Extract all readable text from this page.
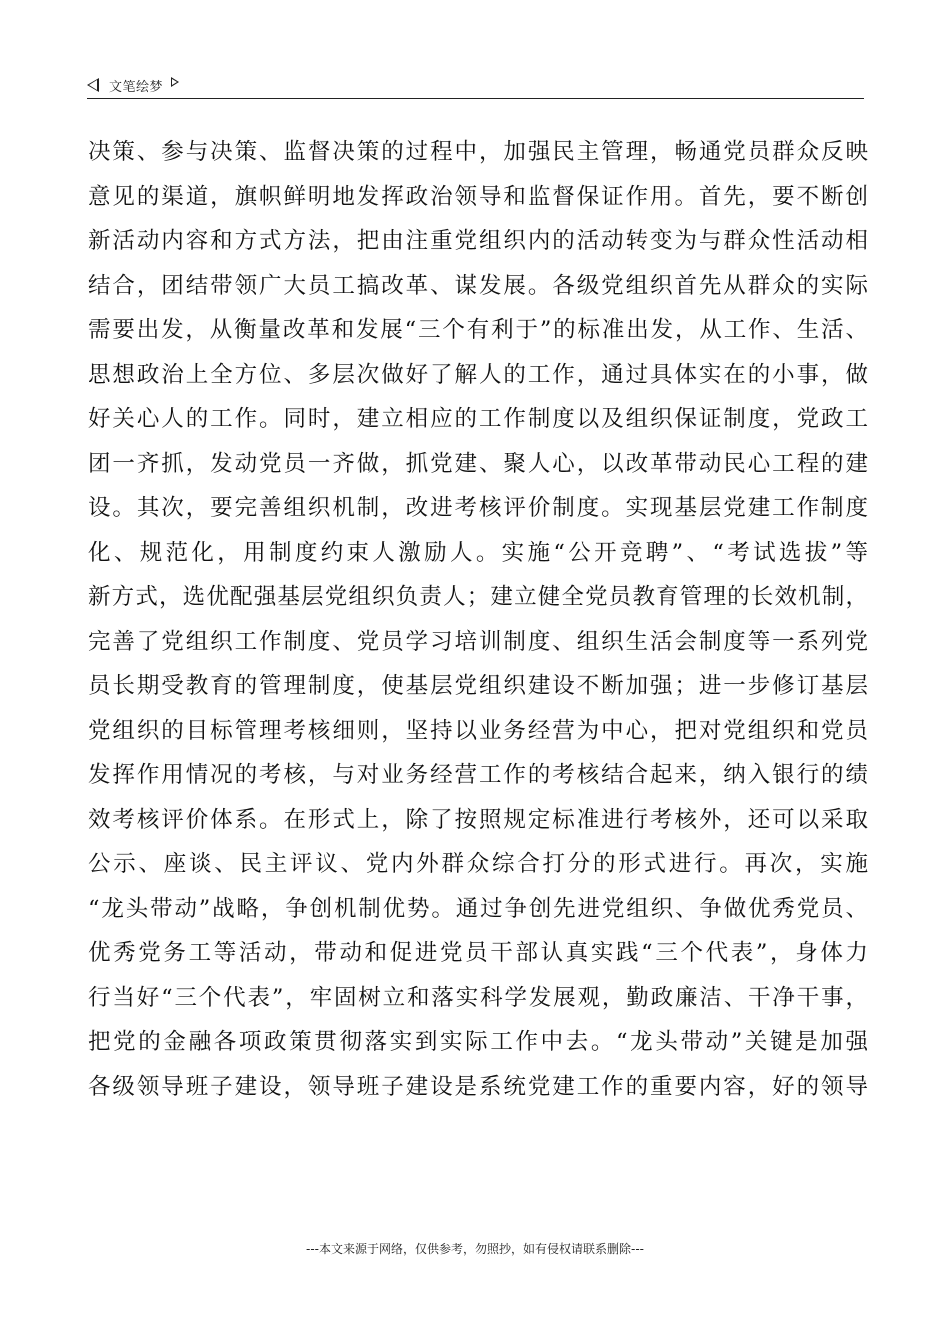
文笔绘梦
决策、参与决策、监督决策的过程中，加强民主管理，畅通党员群众反映
意见的渠道，旗帜鲜明地发挥政治领导和监督保证作用。首先，要不断创
新活动内容和方式方法，把由注重党组织内的活动转变为与群众性活动相
结合，团结带领广大员工搞改革、谋发展。各级党组织首先从群众的实际
需要出发，从衡量改革和发展“三个有利于”的标准出发，从工作、生活、
思想政治上全方位、多层次做好了解人的工作，通过具体实在的小事，做
好关心人的工作。同时，建立相应的工作制度以及组织保证制度，党政工
团一齐抓，发动党员一齐做，抓党建、聚人心，以改革带动民心工程的建
设。其次，要完善组织机制，改进考核评价制度。实现基层党建工作制度
化、规范化，用制度约束人激励人。实施“公开竞聘”、“考试选拔”等
新方式，选优配强基层党组织负责人；建立健全党员教育管理的长效机制，
完善了党组织工作制度、党员学习培训制度、组织生活会制度等一系列党
员长期受教育的管理制度，使基层党组织建设不断加强；进一步修订基层
党组织的目标管理考核细则，坚持以业务经营为中心，把对党组织和党员
发挥作用情况的考核，与对业务经营工作的考核结合起来，纳入银行的绩
效考核评价体系。在形式上，除了按照规定标准进行考核外，还可以采取
公示、座谈、民主评议、党内外群众综合打分的形式进行。再次，实施
“龙头带动”战略，争创机制优势。通过争创先进党组织、争做优秀党员、
优秀党务工等活动，带动和促进党员干部认真实践“三个代表”，身体力
行当好“三个代表”，牢固树立和落实科学发展观，勤政廉洁、干净干事，
把党的金融各项政策贯彻落实到实际工作中去。“龙头带动”关键是加强
各级领导班子建设，领导班子建设是系统党建工作的重要内容，好的领导
---本文来源于网络，仅供参考，勿照抄，如有侵权请联系删除---
